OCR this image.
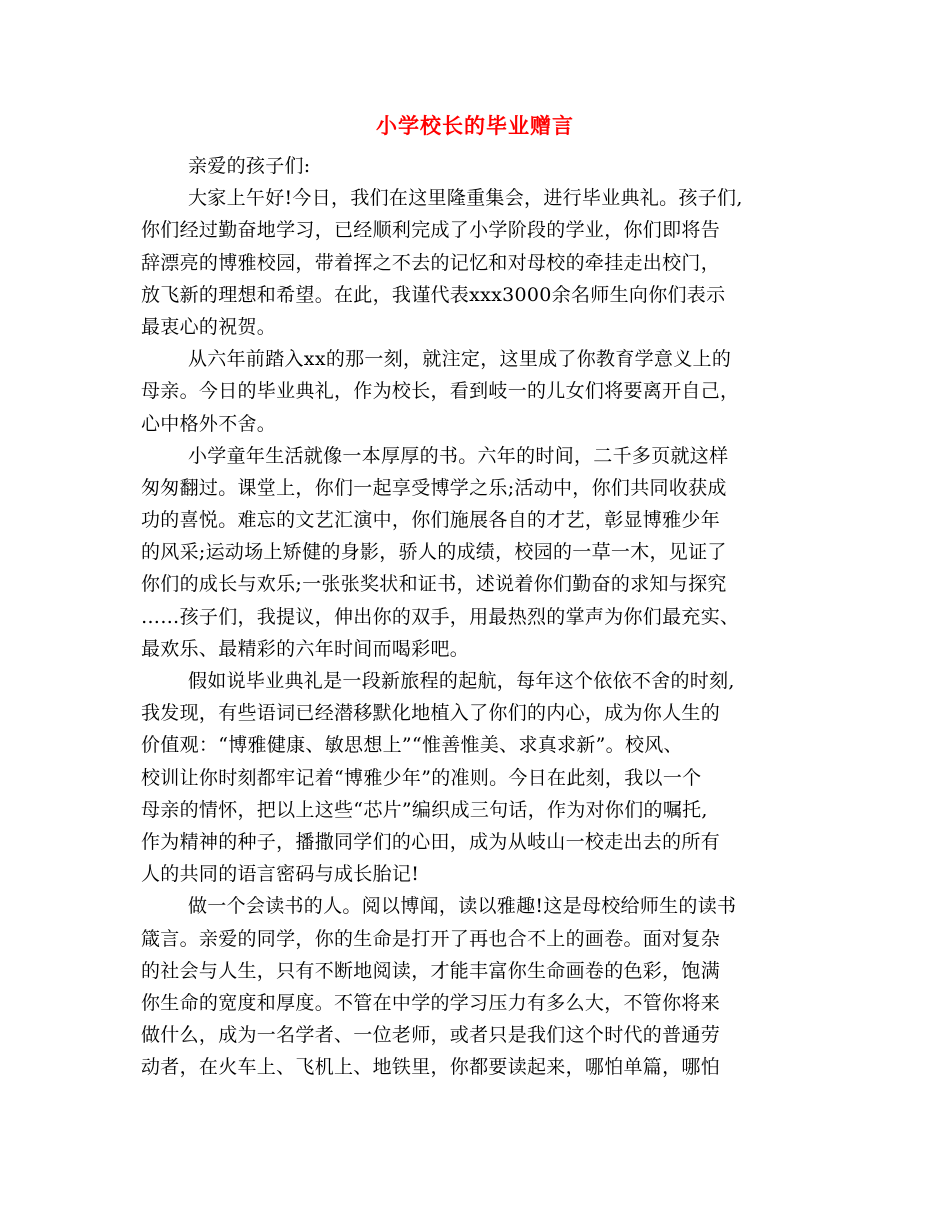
小学校长的毕业赠言
亲爱的孩子们:
大家上午好!今日，我们在这里隆重集会，进行毕业典礼。孩子们,
你们经过勤奋地学习，已经顺利完成了小学阶段的学业，你们即将告
辞漂亮的博雅校园，带着挥之不去的记忆和对母校的牵挂走出校门，
放飞新的理想和希望。在此，我谨代表xxx3000余名师生向你们表示
最衷心的祝贺。
从六年前踏入xx的那一刻，就注定，这里成了你教育学意义上的
母亲。今日的毕业典礼，作为校长，看到岐一的儿女们将要离开自己，
心中格外不舍。
小学童年生活就像一本厚厚的书。六年的时间，二千多页就这样
匆匆翻过。课堂上，你们一起享受博学之乐;活动中，你们共同收获成
功的喜悦。难忘的文艺汇演中，你们施展各自的才艺，彰显博雅少年
的风采;运动场上矫健的身影，骄人的成绩，校园的一草一木，见证了
你们的成长与欢乐;一张张奖状和证书，述说着你们勤奋的求知与探究
……孩子们，我提议，伸出你的双手，用最热烈的掌声为你们最充实、
最欢乐、最精彩的六年时间而喝彩吧。
假如说毕业典礼是一段新旅程的起航，每年这个依依不舍的时刻,
我发现，有些语词已经潜移默化地植入了你们的内心，成为你人生的
价值观：“博雅健康、敏思想上”“惟善惟美、求真求新”。校风、
校训让你时刻都牢记着“博雅少年”的准则。今日在此刻，我以一个
母亲的情怀，把以上这些“芯片”编织成三句话，作为对你们的嘱托,
作为精神的种子，播撒同学们的心田，成为从岐山一校走出去的所有
人的共同的语言密码与成长胎记!
做一个会读书的人。阅以博闻，读以雅趣!这是母校给师生的读书
箴言。亲爱的同学，你的生命是打开了再也合不上的画卷。面对复杂
的社会与人生，只有不断地阅读，才能丰富你生命画卷的色彩，饱满
你生命的宽度和厚度。不管在中学的学习压力有多么大，不管你将来
做什么，成为一名学者、一位老师，或者只是我们这个时代的普通劳
动者，在火车上、飞机上、地铁里，你都要读起来，哪怕单篇，哪怕
